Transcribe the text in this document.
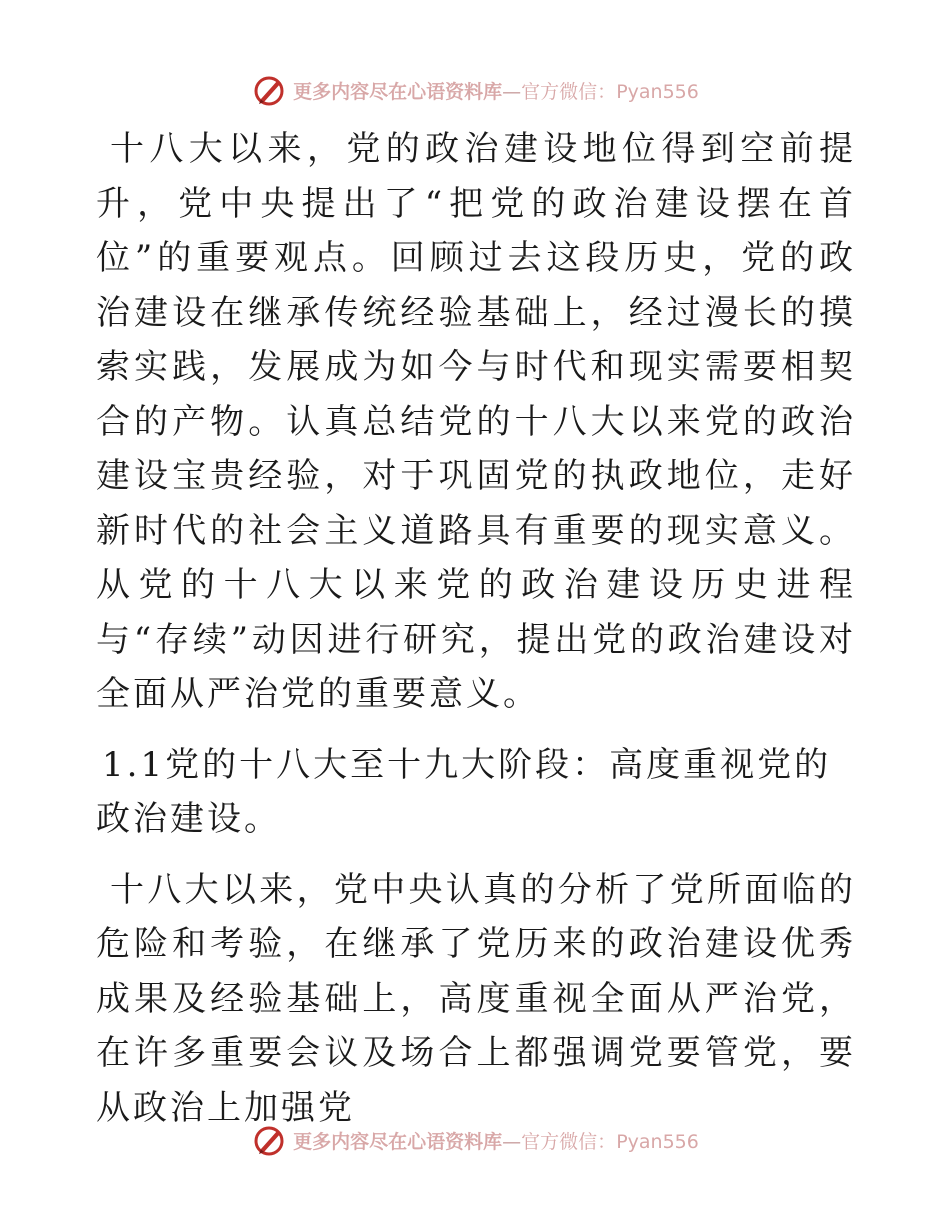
更多内容尽在心语资料库—官方微信：Pyan556

十八大以来，党的政治建设地位得到空前提升，党中央提出了“把党的政治建设摆在首位”的重要观点。回顾过去这段历史，党的政治建设在继承传统经验基础上，经过漫长的摸索实践，发展成为如今与时代和现实需要相契合的产物。认真总结党的十八大以来党的政治建设宝贵经验，对于巩固党的执政地位，走好新时代的社会主义道路具有重要的现实意义。从党的十八大以来党的政治建设历史进程与“存续”动因进行研究，提出党的政治建设对全面从严治党的重要意义。

1.1党的十八大至十九大阶段：高度重视党的政治建设。

十八大以来，党中央认真的分析了党所面临的危险和考验，在继承了党历来的政治建设优秀成果及经验基础上，高度重视全面从严治党，在许多重要会议及场合上都强调党要管党，要从政治上加强党

更多内容尽在心语资料库—官方微信：Pyan556
